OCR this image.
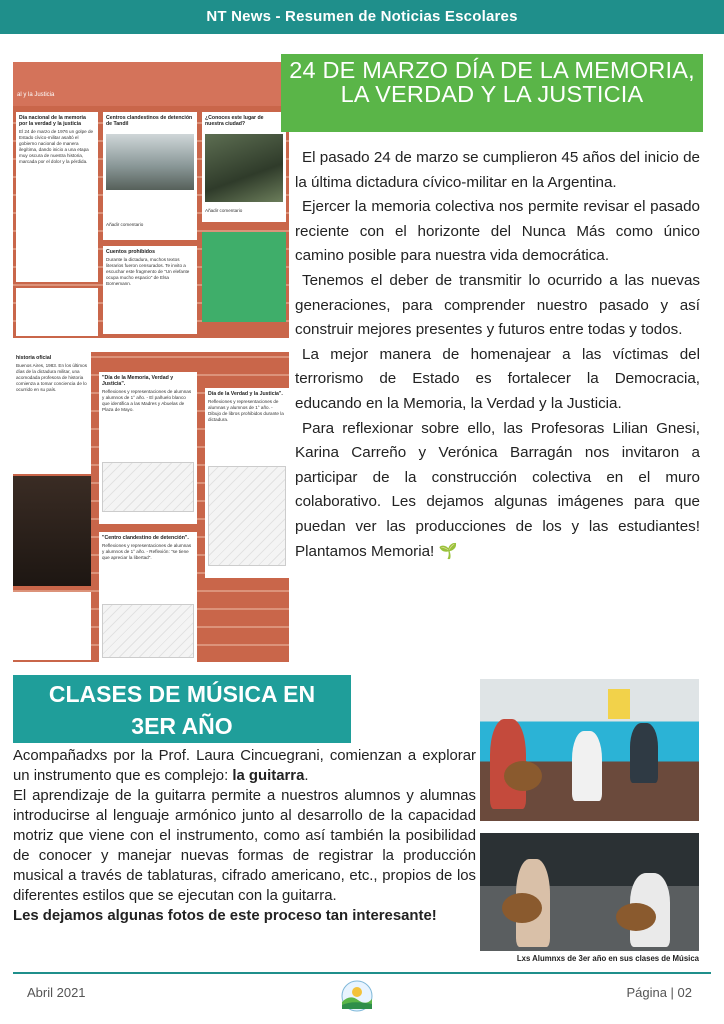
NT News - Resumen de Noticias Escolares
al y la Justicia
Día nacional de la memoria por la verdad y la justicia
El 24 de marzo de 1976 un golpe de Estado cívico-militar asaltó el gobierno nacional de manera ilegítima, dando inicio a una etapa muy oscura de nuestra historia, marcada por el dolor y la pérdida.
Centros clandestinos de detención de Tandil
Añadir comentario
¿Conoces este lugar de nuestra ciudad?
Añadir comentario
Cuentos prohibidos
Durante la dictadura, muchos textos literarios fueron censurados. Te invito a escuchar este fragmento de "Un elefante ocupa mucho espacio" de Elsa Bornemann.
historia oficial
Buenos Aires, 1983. En los últimos días de la dictadura militar, una acomodada profesora de historia comienza a tomar conciencia de lo ocurrido en su país.
"Día de la Memoria, Verdad y Justicia".
Reflexiones y representaciones de alumnas y alumnos de 1° año. - El pañuelo blanco que identifica a las Madres y Abuelas de Plaza de Mayo.
"Centro clandestino de detención".
Reflexiones y representaciones de alumnas y alumnos de 1° año. - Reflexión: "se tiene que apreciar la libertad".
Día de la Verdad y la Justicia".
Reflexiones y representaciones de alumnas y alumnos de 1° año. - Dibujo de libros prohibidos durante la dictadura.
24 DE MARZO DÍA DE LA MEMORIA, LA VERDAD Y LA JUSTICIA

El pasado 24 de marzo se cumplieron 45 años del inicio de la última dictadura cívico-militar en la Argentina.

Ejercer la memoria colectiva nos permite revisar el pasado reciente con el horizonte del Nunca Más como único camino posible para nuestra vida democrática.

Tenemos el deber de transmitir lo ocurrido a las nuevas generaciones, para comprender nuestro pasado y así construir mejores presentes y futuros entre todas y todos.

La mejor manera de homenajear a las víctimas del terrorismo de Estado es fortalecer la Democracia, educando en la Memoria, la Verdad y la Justicia.

Para reflexionar sobre ello, las Profesoras Lilian Gnesi, Karina Carreño y Verónica Barragán nos invitaron a participar de la construcción colectiva en el muro colaborativo. Les dejamos algunas imágenes para que puedan ver las producciones de los y las estudiantes! Plantamos Memoria! 🌱

CLASES DE MÚSICA EN
3ER AÑO

Acompañadxs por la Prof. Laura Cincuegrani, comienzan a explorar un instrumento que es complejo: la guitarra.

El aprendizaje de la guitarra permite a nuestros alumnos y alumnas introducirse al lenguaje armónico junto al desarrollo de la capacidad motriz que viene con el instrumento, como así también la posibilidad de conocer y manejar nuevas formas de registrar la producción musical a través de tablaturas, cifrado americano, etc., propios de los diferentes estilos que se ejecutan con la guitarra.

Les dejamos algunas fotos de este proceso tan interesante!

Lxs Alumnxs de 3er año en sus clases de Música
Abril 2021	Página | 02
